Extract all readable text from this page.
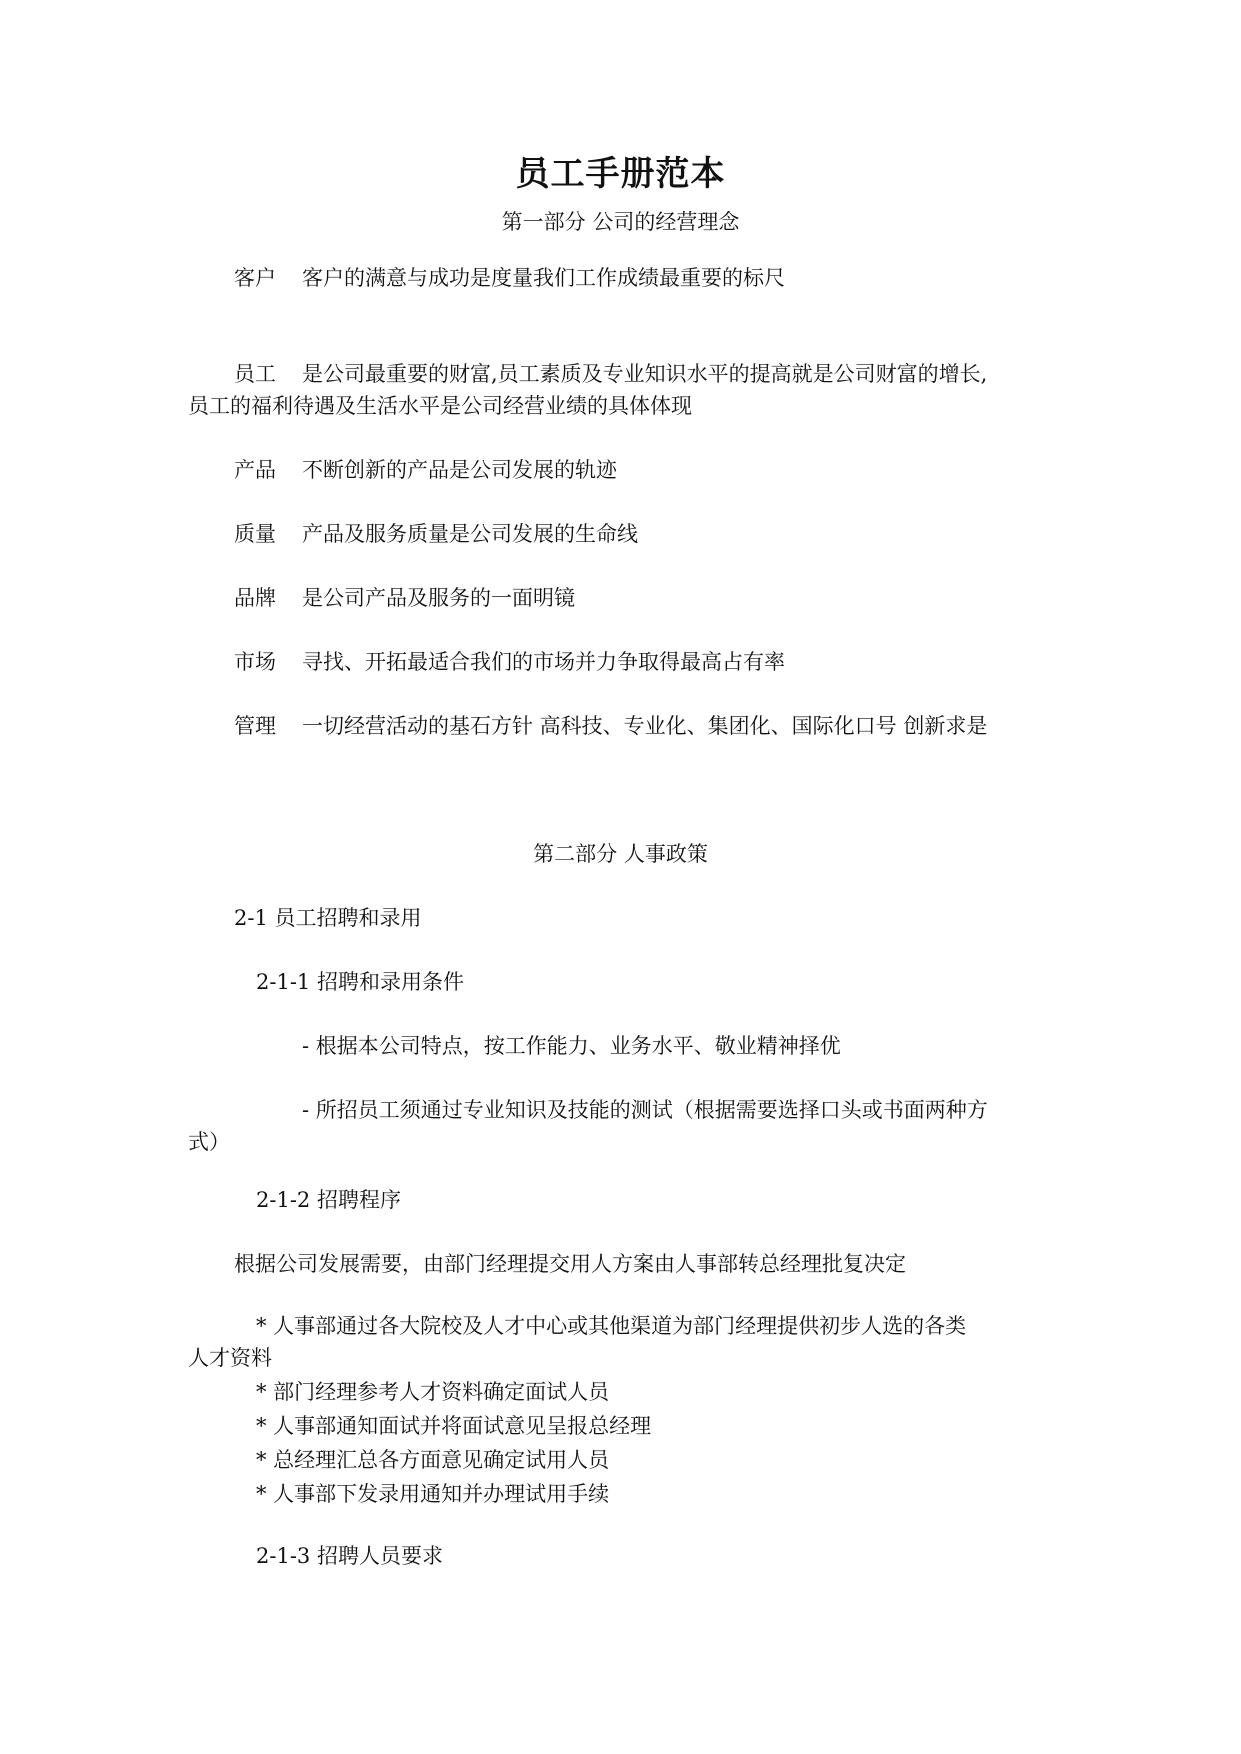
员工手册范本
第一部分 公司的经营理念
客户 客户的满意与成功是度量我们工作成绩最重要的标尺
员工 是公司最重要的财富,员工素质及专业知识水平的提高就是公司财富的增长,
员工的福利待遇及生活水平是公司经营业绩的具体体现
产品 不断创新的产品是公司发展的轨迹
质量 产品及服务质量是公司发展的生命线
品牌 是公司产品及服务的一面明镜
市场 寻找、开拓最适合我们的市场并力争取得最高占有率
管理 一切经营活动的基石方针 高科技、专业化、集团化、国际化口号 创新求是
第二部分 人事政策
2-1 员工招聘和录用
2-1-1 招聘和录用条件
- 根据本公司特点，按工作能力、业务水平、敬业精神择优
- 所招员工须通过专业知识及技能的测试（根据需要选择口头或书面两种方
式）
2-1-2 招聘程序
根据公司发展需要，由部门经理提交用人方案由人事部转总经理批复决定
* 人事部通过各大院校及人才中心或其他渠道为部门经理提供初步人选的各类
人才资料
* 部门经理参考人才资料确定面试人员
* 人事部通知面试并将面试意见呈报总经理
* 总经理汇总各方面意见确定试用人员
* 人事部下发录用通知并办理试用手续
2-1-3 招聘人员要求
